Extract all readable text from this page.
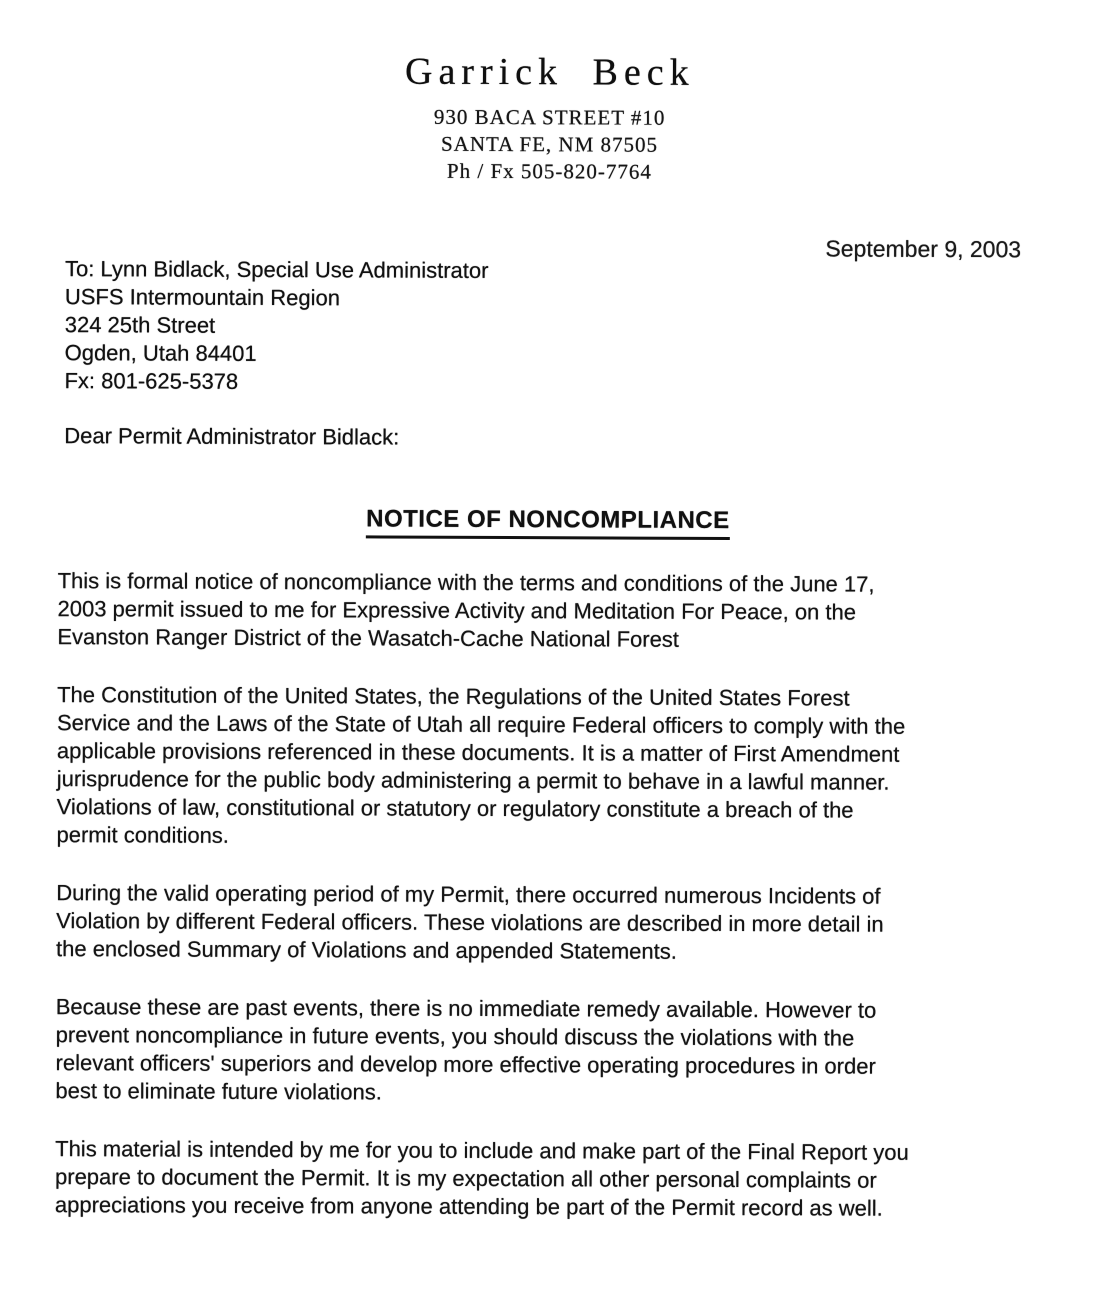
Garrick Beck
930 BACA STREET #10
SANTA FE, NM 87505
Ph / Fx 505-820-7764
September 9, 2003
To: Lynn Bidlack, Special Use Administrator
USFS Intermountain Region
324 25th Street
Ogden, Utah 84401
Fx: 801-625-5378
Dear Permit Administrator Bidlack:
NOTICE OF NONCOMPLIANCE

This is formal notice of noncompliance with the terms and conditions of the June 17,
2003 permit issued to me for Expressive Activity and Meditation For Peace, on the
Evanston Ranger District of the Wasatch-Cache National Forest

The Constitution of the United States, the Regulations of the United States Forest
Service and the Laws of the State of Utah all require Federal officers to comply with the
applicable provisions referenced in these documents. It is a matter of First Amendment
jurisprudence for the public body administering a permit to behave in a lawful manner.
Violations of law, constitutional or statutory or regulatory constitute a breach of the
permit conditions.

During the valid operating period of my Permit, there occurred numerous Incidents of
Violation by different Federal officers. These violations are described in more detail in
the enclosed Summary of Violations and appended Statements.

Because these are past events, there is no immediate remedy available. However to
prevent noncompliance in future events, you should discuss the violations with the
relevant officers' superiors and develop more effective operating procedures in order
best to eliminate future violations.

This material is intended by me for you to include and make part of the Final Report you
prepare to document the Permit. It is my expectation all other personal complaints or
appreciations you receive from anyone attending be part of the Permit record as well.
